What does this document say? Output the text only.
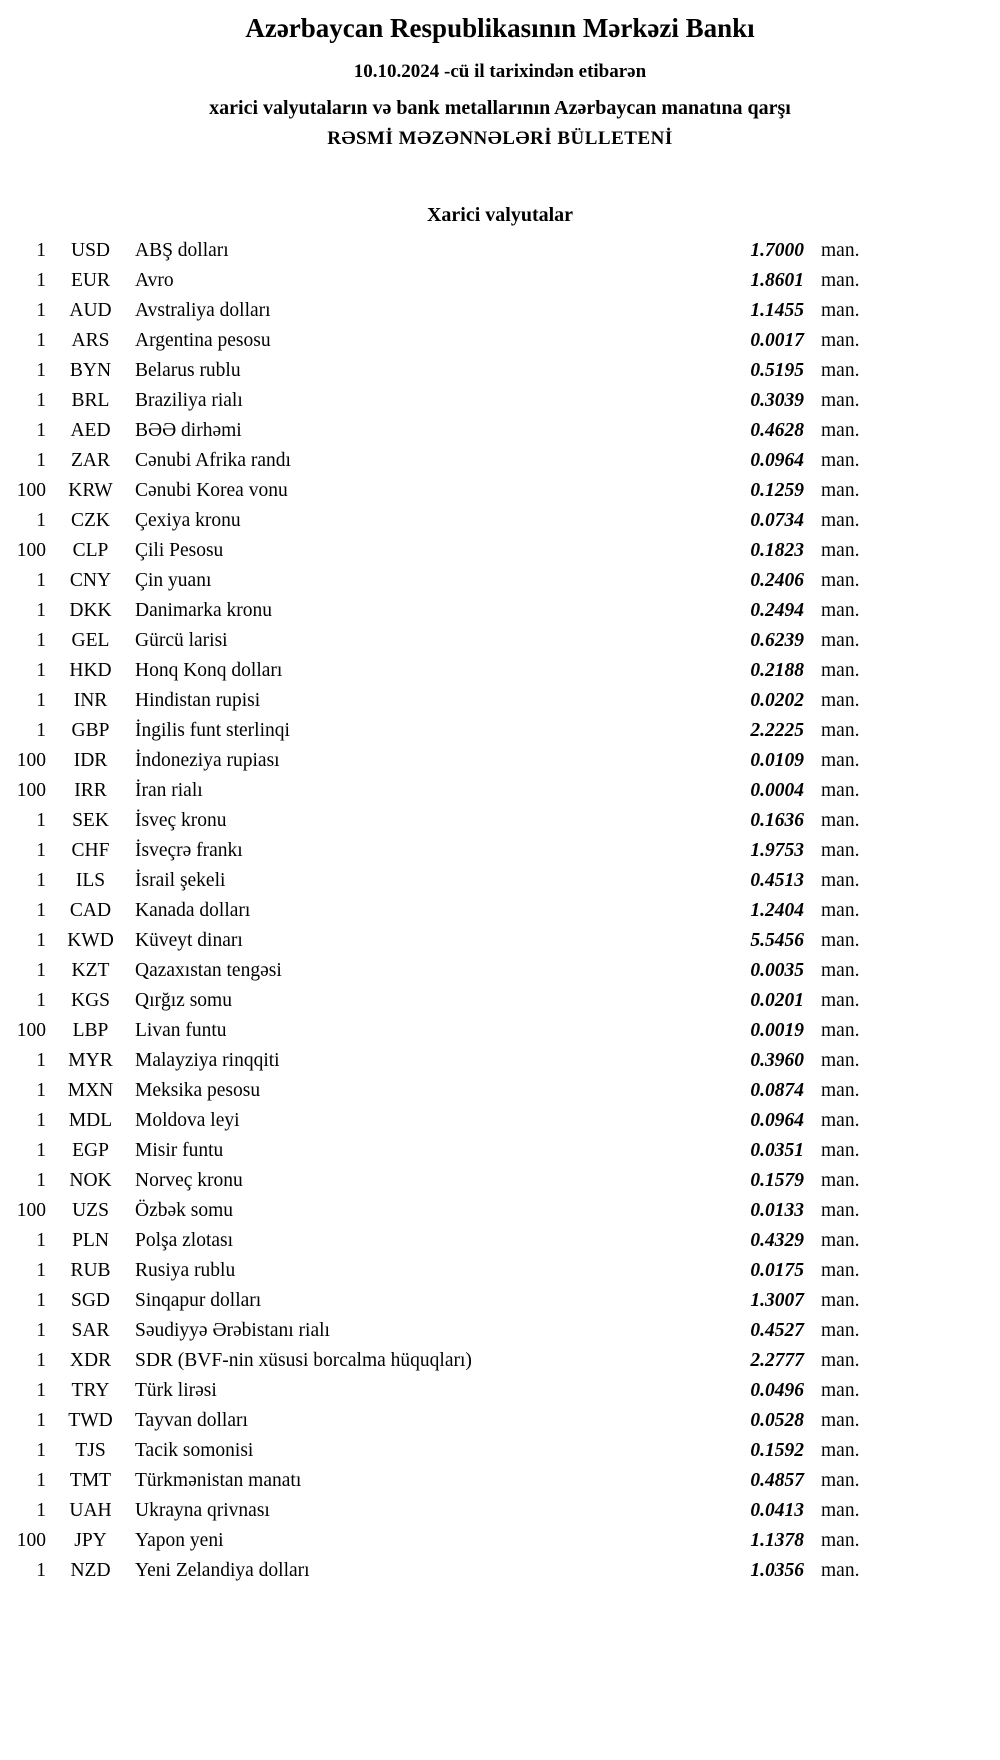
Azərbaycan Respublikasının Mərkəzi Bankı
10.10.2024 -cü il tarixindən etibarən
xarici valyutaların və bank metallarının Azərbaycan manatına qarşı
RƏSMİ MƏZƏNNƏLƏRİ BÜLLETENİ
Xarici valyutalar
1	USD	ABŞ dolları	1.7000 man.
1	EUR	Avro	1.8601 man.
1	AUD	Avstraliya dolları	1.1455 man.
1	ARS	Argentina pesosu	0.0017 man.
1	BYN	Belarus rublu	0.5195 man.
1	BRL	Braziliya rialı	0.3039 man.
1	AED	BƏƏ dirhəmi	0.4628 man.
1	ZAR	Cənubi Afrika randı	0.0964 man.
100	KRW	Cənubi Korea vonu	0.1259 man.
1	CZK	Çexiya kronu	0.0734 man.
100	CLP	Çili Pesosu	0.1823 man.
1	CNY	Çin yuanı	0.2406 man.
1	DKK	Danimarka kronu	0.2494 man.
1	GEL	Gürcü larisi	0.6239 man.
1	HKD	Honq Konq dolları	0.2188 man.
1	INR	Hindistan rupisi	0.0202 man.
1	GBP	İngilis funt sterlinqi	2.2225 man.
100	IDR	İndoneziya rupiası	0.0109 man.
100	IRR	İran rialı	0.0004 man.
1	SEK	İsveç kronu	0.1636 man.
1	CHF	İsveçrə frankı	1.9753 man.
1	ILS	İsrail şekeli	0.4513 man.
1	CAD	Kanada dolları	1.2404 man.
1	KWD	Küveyt dinarı	5.5456 man.
1	KZT	Qazaxıstan tengəsi	0.0035 man.
1	KGS	Qırğız somu	0.0201 man.
100	LBP	Livan funtu	0.0019 man.
1	MYR	Malayziya rinqqiti	0.3960 man.
1	MXN	Meksika pesosu	0.0874 man.
1	MDL	Moldova leyi	0.0964 man.
1	EGP	Misir funtu	0.0351 man.
1	NOK	Norveç kronu	0.1579 man.
100	UZS	Özbək somu	0.0133 man.
1	PLN	Polşa zlotası	0.4329 man.
1	RUB	Rusiya rublu	0.0175 man.
1	SGD	Sinqapur dolları	1.3007 man.
1	SAR	Səudiyyə Ərəbistanı rialı	0.4527 man.
1	XDR	SDR (BVF-nin xüsusi borcalma hüquqları)	2.2777 man.
1	TRY	Türk lirəsi	0.0496 man.
1	TWD	Tayvan dolları	0.0528 man.
1	TJS	Tacik somonisi	0.1592 man.
1	TMT	Türkmənistan manatı	0.4857 man.
1	UAH	Ukrayna qrivnası	0.0413 man.
100	JPY	Yapon yeni	1.1378 man.
1	NZD	Yeni Zelandiya dolları	1.0356 man.
